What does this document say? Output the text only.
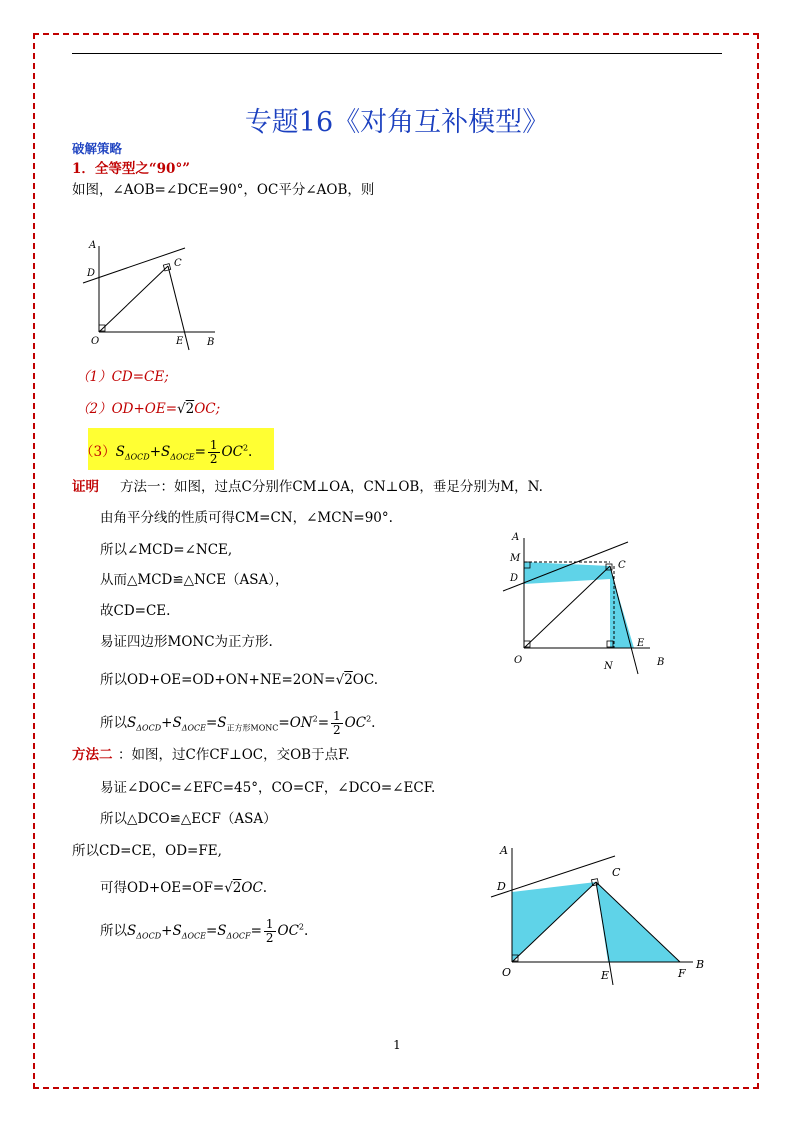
专题16《对角互补模型》
破解策略
1．全等型之“90°”
如图，∠AOB=∠DCE=90°，OC平分∠AOB，则
A
D
C
O	E B
（1）CD=CE;
（2）OD+OE=√2OC;
$(3)S_{\Delta OCD}+S_{\Delta OCE}= \frac{1}{2} OC^2$.
证明 方法一：如图，过点C分别作CM⊥OA，CN⊥OB，垂足分别为M，N.
由角平分线的性质可得CM=CN，∠MCN=90°.
所以∠MCD=∠NCE,
从而△MCD≌△NCE（ASA），
故CD=CE.
易证四边形MONC为正方形.
所以OD+OE=OD+ON+NE=2ON=√2OC.
所以$S_{\Delta OCD}+S_{\Delta OCE}=S_{正方形MONC}=ON^2= \frac{1}{2} OC^2$.
A
M
D
C
E
O
N	B
方法二 ：如图，过C作CF⊥OC，交OB于点F.
易证∠DOC=∠EFC=45°，CO=CF，∠DCO=∠ECF.
所以△DCO≌△ECF（ASA）
所以CD=CE，OD=FE,
可得OD+OE=OF=√2OC.
所以$S_{\Delta OCD}+S_{\Delta OCE}=S_{\Delta OCF}= \frac{1}{2} OC^2$.
A
D
C
O	E	F
B
1
